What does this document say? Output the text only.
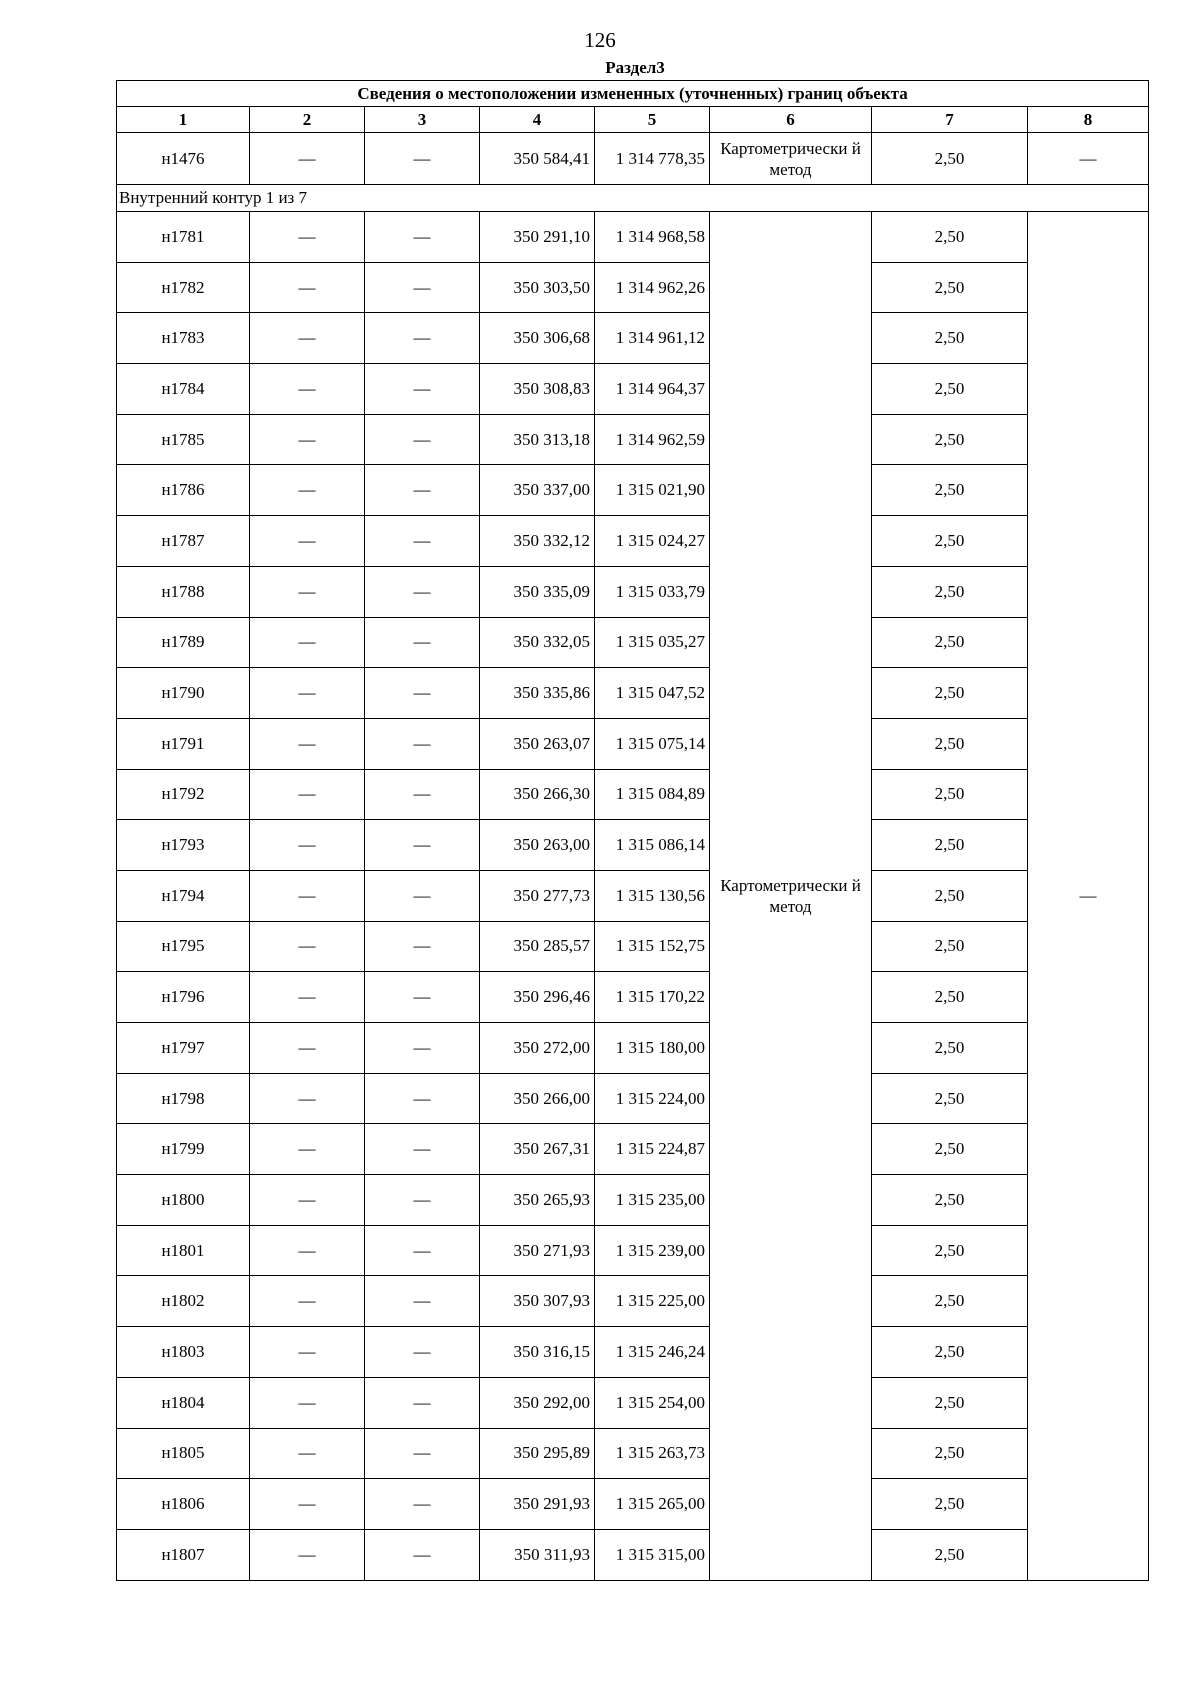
126
Раздел3
Сведения о местоположении измененных (уточненных) границ объекта							
1	2	3	4	5	6	7	8
н1476	—	—	350 584,41	1 314 778,35	Картометрически й метод	2,50	—
Внутренний контур 1 из 7							
н1781	—	—	350 291,10	1 314 968,58	Картометрически й метод	2,50	—
н1782	—	—	350 303,50	1 314 962,26		2,50	
н1783	—	—	350 306,68	1 314 961,12		2,50	
н1784	—	—	350 308,83	1 314 964,37		2,50	
н1785	—	—	350 313,18	1 314 962,59		2,50	
н1786	—	—	350 337,00	1 315 021,90		2,50	
н1787	—	—	350 332,12	1 315 024,27		2,50	
н1788	—	—	350 335,09	1 315 033,79		2,50	
н1789	—	—	350 332,05	1 315 035,27		2,50	
н1790	—	—	350 335,86	1 315 047,52		2,50	
н1791	—	—	350 263,07	1 315 075,14		2,50	
н1792	—	—	350 266,30	1 315 084,89		2,50	
н1793	—	—	350 263,00	1 315 086,14		2,50	
н1794	—	—	350 277,73	1 315 130,56		2,50	
н1795	—	—	350 285,57	1 315 152,75		2,50	
н1796	—	—	350 296,46	1 315 170,22		2,50	
н1797	—	—	350 272,00	1 315 180,00		2,50	
н1798	—	—	350 266,00	1 315 224,00		2,50	
н1799	—	—	350 267,31	1 315 224,87		2,50	
н1800	—	—	350 265,93	1 315 235,00		2,50	
н1801	—	—	350 271,93	1 315 239,00		2,50	
н1802	—	—	350 307,93	1 315 225,00		2,50	
н1803	—	—	350 316,15	1 315 246,24		2,50	
н1804	—	—	350 292,00	1 315 254,00		2,50	
н1805	—	—	350 295,89	1 315 263,73		2,50	
н1806	—	—	350 291,93	1 315 265,00		2,50	
н1807	—	—	350 311,93	1 315 315,00		2,50	
